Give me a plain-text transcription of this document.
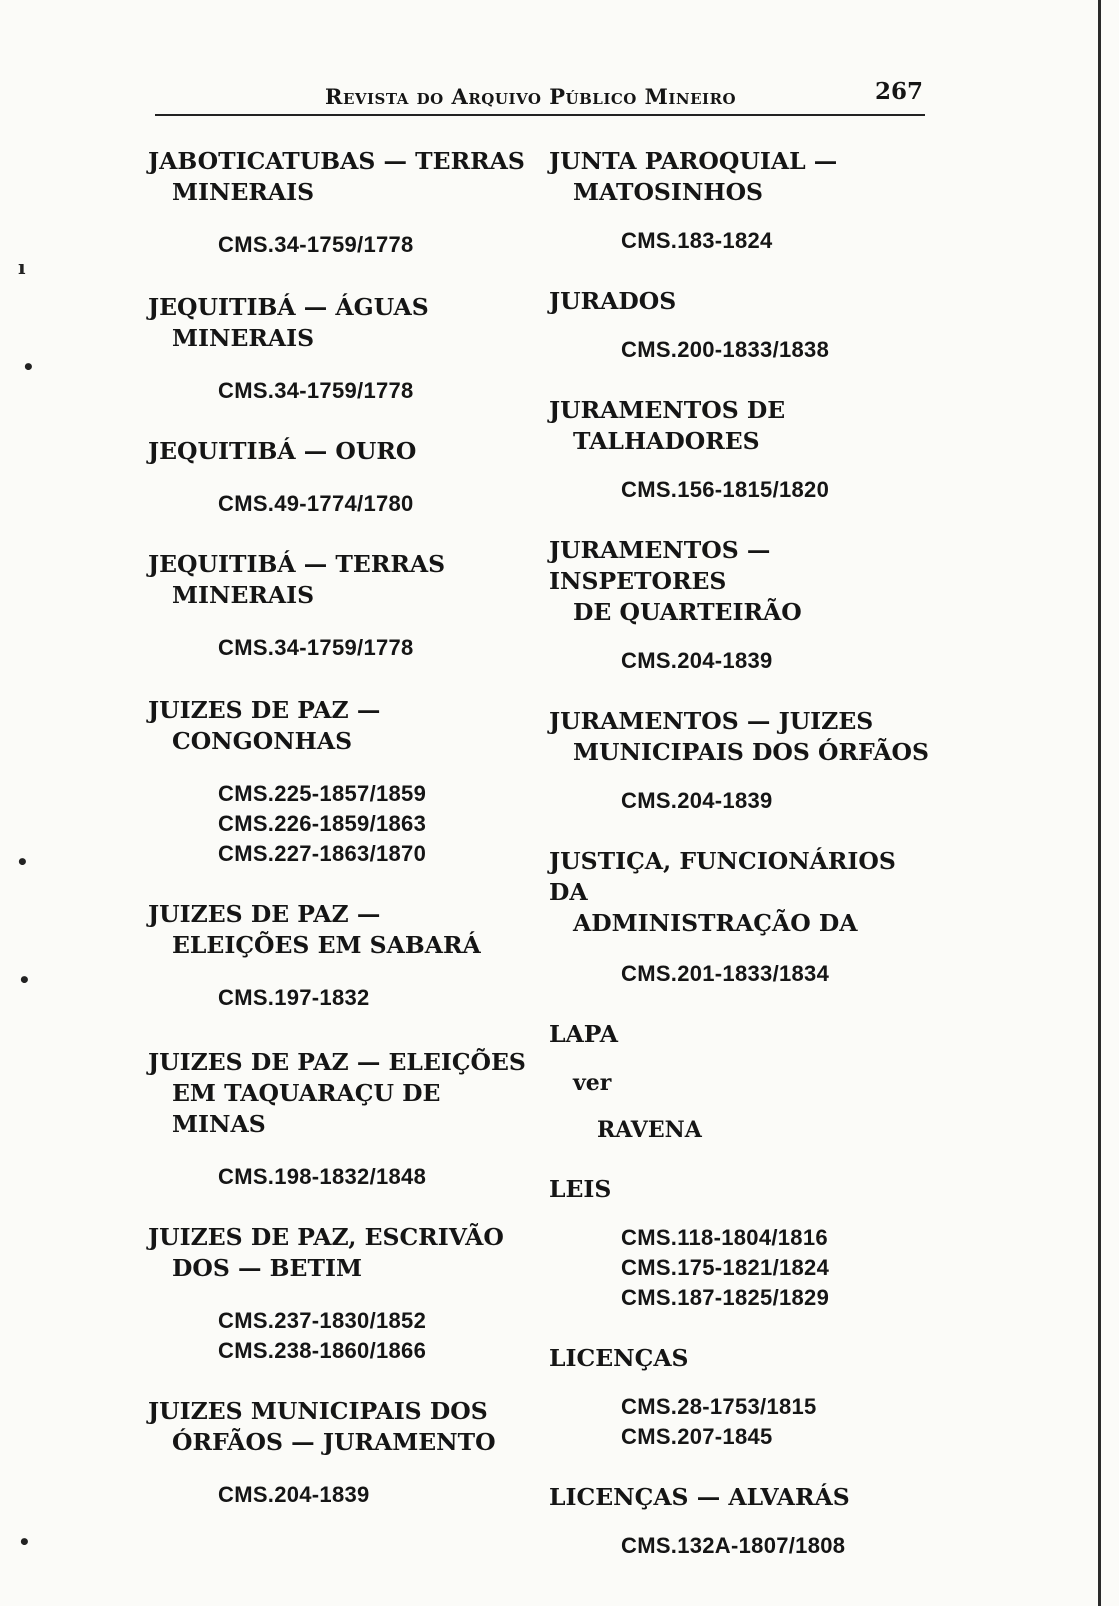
ı
•
•
•
•
Revista do Arquivo Público Mineiro	267
JABOTICATUBAS — TERRAS
MINERAIS
CMS.34-1759/1778
JEQUITIBÁ — ÁGUAS
MINERAIS
CMS.34-1759/1778
JEQUITIBÁ — OURO
CMS.49-1774/1780
JEQUITIBÁ — TERRAS
MINERAIS
CMS.34-1759/1778
JUIZES DE PAZ —
CONGONHAS
CMS.225-1857/1859
CMS.226-1859/1863
CMS.227-1863/1870
JUIZES DE PAZ —
ELEIÇÕES EM SABARÁ
CMS.197-1832
JUIZES DE PAZ — ELEIÇÕES
EM TAQUARAÇU DE MINAS
CMS.198-1832/1848
JUIZES DE PAZ, ESCRIVÃO
DOS — BETIM
CMS.237-1830/1852
CMS.238-1860/1866
JUIZES MUNICIPAIS DOS
ÓRFÃOS — JURAMENTO
CMS.204-1839
JUNTA PAROQUIAL —
MATOSINHOS
CMS.183-1824
JURADOS
CMS.200-1833/1838
JURAMENTOS DE
TALHADORES
CMS.156-1815/1820
JURAMENTOS — INSPETORES
DE QUARTEIRÃO
CMS.204-1839
JURAMENTOS — JUIZES
MUNICIPAIS DOS ÓRFÃOS
CMS.204-1839
JUSTIÇA, FUNCIONÁRIOS DA
ADMINISTRAÇÃO DA
CMS.201-1833/1834
LAPA
ver
RAVENA
LEIS
CMS.118-1804/1816
CMS.175-1821/1824
CMS.187-1825/1829
LICENÇAS
CMS.28-1753/1815
CMS.207-1845
LICENÇAS — ALVARÁS
CMS.132A-1807/1808
